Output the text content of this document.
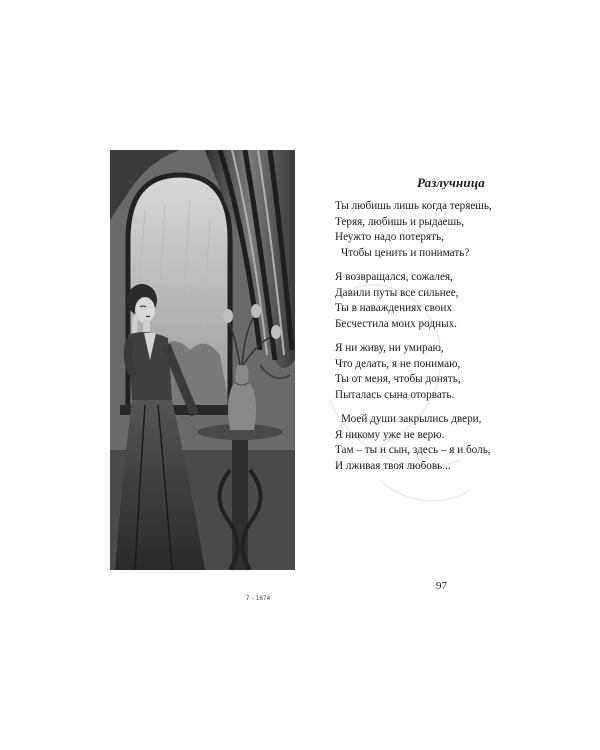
7 - 1674
Разлучница
Ты любишь лишь когда теряешь,
Теряя, любишь и рыдаешь,
Неужто надо потерять,
Чтобы ценить и понимать?
Я возвращался, сожалея,
Давили путы все сильнее,
Ты в наваждениях своих
Бесчестила моих родных.
Я ни живу, ни умираю,
Что делать, я не понимаю,
Ты от меня, чтобы донять,
Пыталась сына оторвать.
Моей души закрылись двери,
Я никому уже не верю.
Там – ты и сын, здесь – я и боль,
И лживая твоя любовь...
97
